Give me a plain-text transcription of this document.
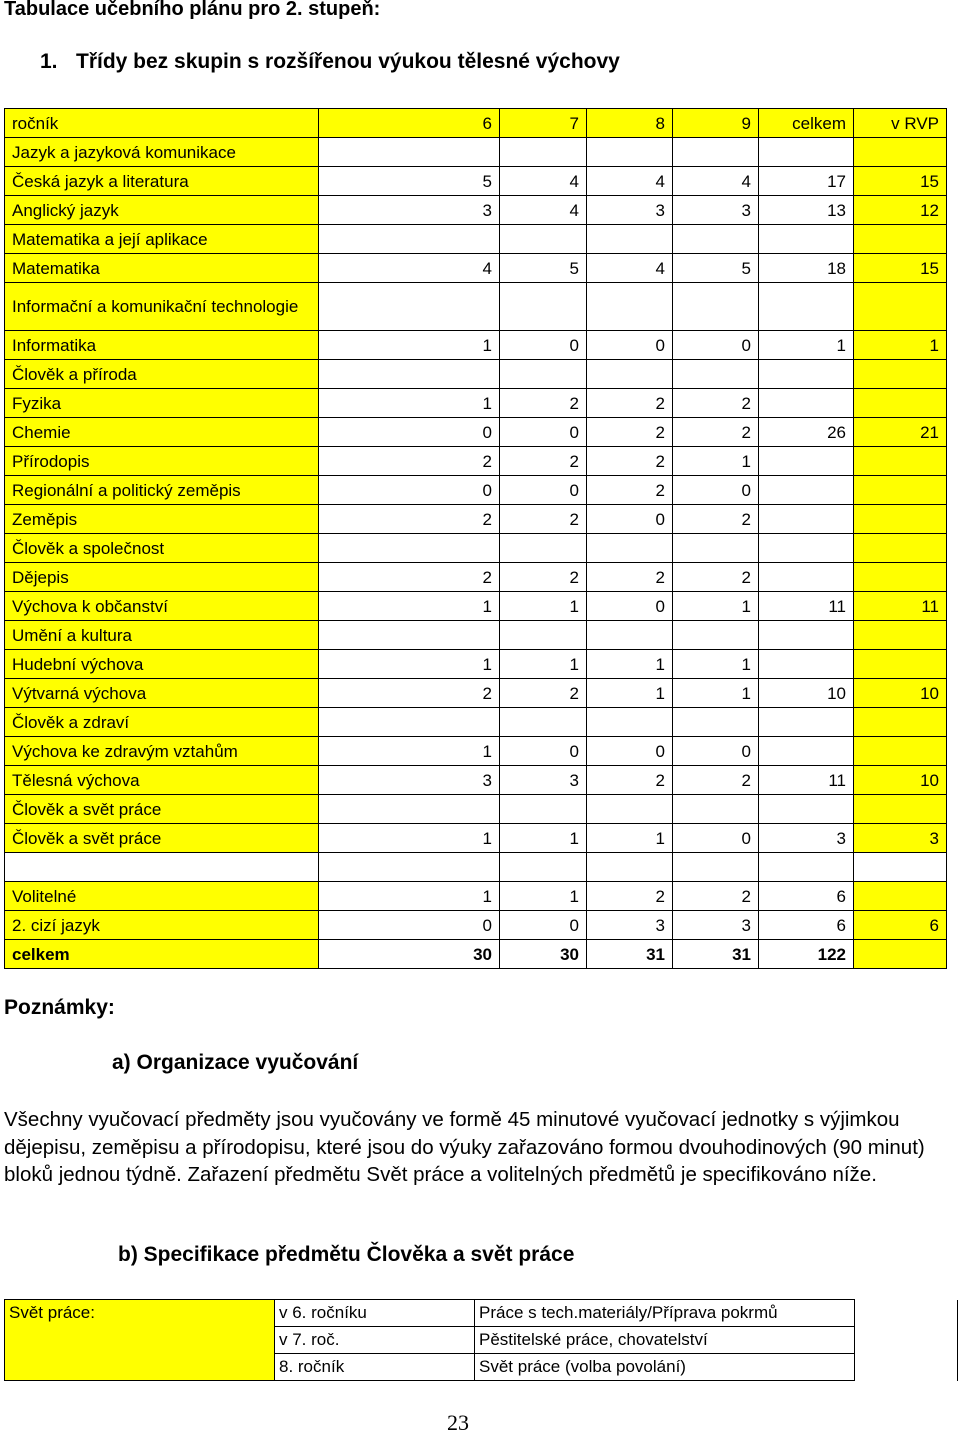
Tabulace učebního plánu pro 2. stupeň:
1. Třídy bez skupin s rozšířenou výukou tělesné výchovy
ročník	6	7	8	9	celkem	v RVP
Jazyk a jazyková komunikace						
Česká jazyk a literatura	5	4	4	4	17	15
Anglický jazyk	3	4	3	3	13	12
Matematika a její aplikace						
Matematika	4	5	4	5	18	15
Informační a komunikační technologie						
Informatika	1	0	0	0	1	1
Člověk a příroda						
Fyzika	1	2	2	2		
Chemie	0	0	2	2	26	21
Přírodopis	2	2	2	1		
Regionální a politický zeměpis	0	0	2	0		
Zeměpis	2	2	0	2		
Člověk a společnost						
Dějepis	2	2	2	2		
Výchova k občanství	1	1	0	1	11	11
Umění a kultura						
Hudební výchova	1	1	1	1		
Výtvarná výchova	2	2	1	1	10	10
Člověk a zdraví						
Výchova ke zdravým vztahům	1	0	0	0		
Tělesná výchova	3	3	2	2	11	10
Člověk a svět práce						
Člověk a svět práce	1	1	1	0	3	3

Volitelné	1	1	2	2	6	
2. cizí jazyk	0	0	3	3	6	6
celkem	30	30	31	31	122	
Poznámky:
a) Organizace vyučování

Všechny vyučovací předměty jsou vyučovány ve formě 45 minutové vyučovací jednotky s výjimkou dějepisu, zeměpisu a přírodopisu, které jsou do výuky zařazováno formou dvouhodinových (90 minut) bloků jednou týdně. Zařazení předmětu Svět práce a volitelných předmětů je specifikováno níže.

b) Specifikace předmětu Člověka a svět práce
Svět práce:	v 6. ročníku	Práce s tech.materiály/Příprava pokrmů	
	v 7. roč.	Pěstitelské práce, chovatelství	
	8. ročník	Svět práce (volba povolání)	
23
